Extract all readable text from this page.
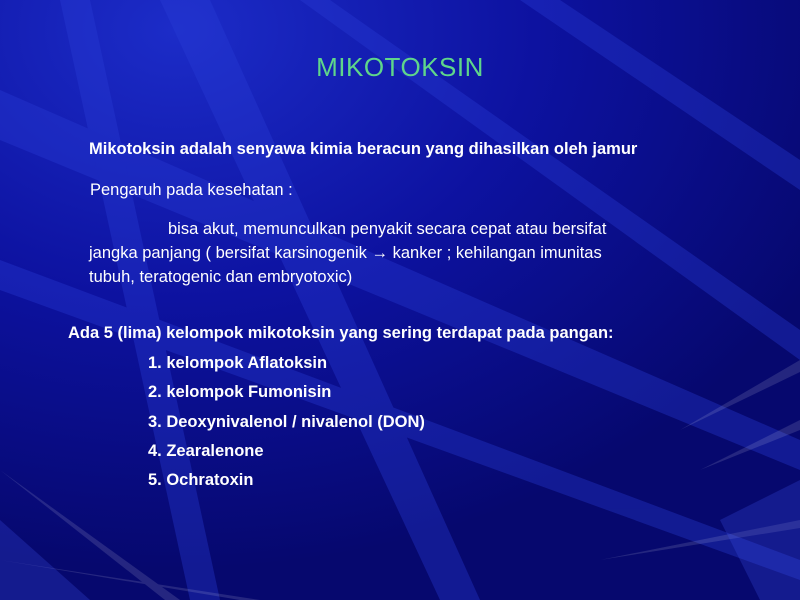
MIKOTOKSIN
Mikotoksin adalah senyawa kimia beracun yang dihasilkan oleh jamur
Pengaruh pada kesehatan :
bisa akut, memunculkan penyakit secara cepat atau bersifat
jangka panjang ( bersifat karsinogenik → kanker ; kehilangan imunitas
tubuh, teratogenic dan embryotoxic)
Ada 5 (lima) kelompok mikotoksin yang sering terdapat pada pangan:
1. kelompok Aflatoksin
2. kelompok Fumonisin
3. Deoxynivalenol / nivalenol (DON)
4. Zearalenone
5. Ochratoxin
